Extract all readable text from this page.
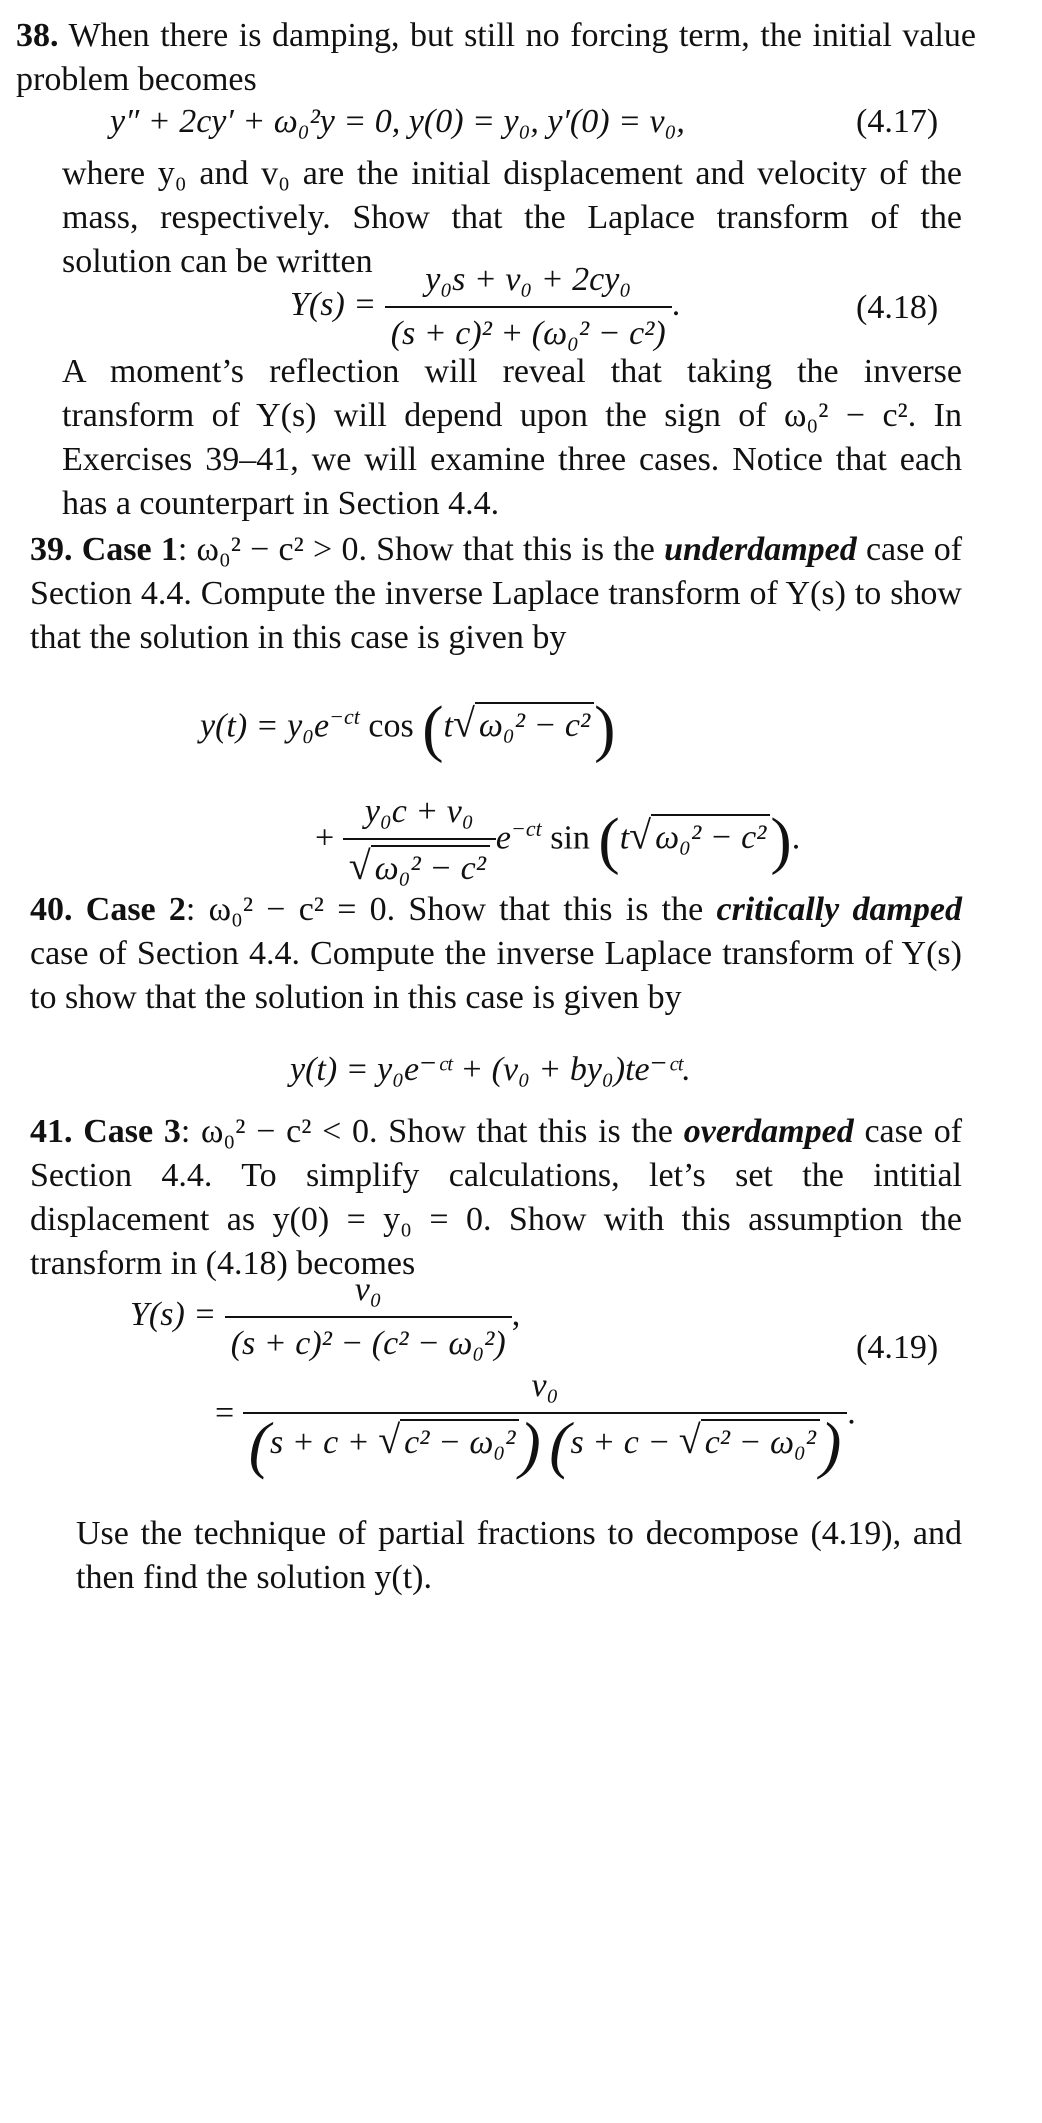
38. When there is damping, but still no forcing term, the initial value problem becomes
y″ + 2cy′ + ω₀²y = 0, y(0) = y₀, y′(0) = v₀,	(4.17)
where y₀ and v₀ are the initial displacement and velocity of the mass, respectively. Show that the Laplace transform of the solution can be written
$Y(s) = \frac{\text{y₀s + v₀ + 2cy₀}}{\text{(s + c)² + (ω₀² − c²)}}$ .	(4.18)
A moment’s reflection will reveal that taking the inverse transform of Y(s) will depend upon the sign of ω₀² − c². In Exercises 39–41, we will examine three cases. Notice that each has a counterpart in Section 4.4.
39. Case 1: ω₀² − c² > 0. Show that this is the underdamped case of Section 4.4. Compute the inverse Laplace transform of Y(s) to show that the solution in this case is given by
$y(t) = y_0e^{-ct}$ cos (t√ ω₀² − c²)
+ $\frac{\text{y₀c + v₀}}{\text{√ ω₀² − c²}} e^{-ct}$ sin (t√ ω₀² − c²).
40. Case 2: ω₀² − c² = 0. Show that this is the critically damped case of Section 4.4. Compute the inverse Laplace transform of Y(s) to show that the solution in this case is given by
y(t) = y₀e⁻ᶜᵗ + (v₀ + by₀)te⁻ᶜᵗ.
41. Case 3: ω₀² − c² < 0. Show that this is the overdamped case of Section 4.4. To simplify calculations, let’s set the intitial displacement as y(0) = y₀ = 0. Show with this assumption the transform in (4.18) becomes
$Y(s) = \frac{\text{v₀}}{\text{(s + c)² − (c² − ω₀²)}}$ ,
(4.19)
= $\frac{\text{v₀}}{\text{(s + c + √ c² − ω₀²) (s + c − √ c² − ω₀²)}}$ .
Use the technique of partial fractions to decompose (4.19), and then find the solution y(t).
